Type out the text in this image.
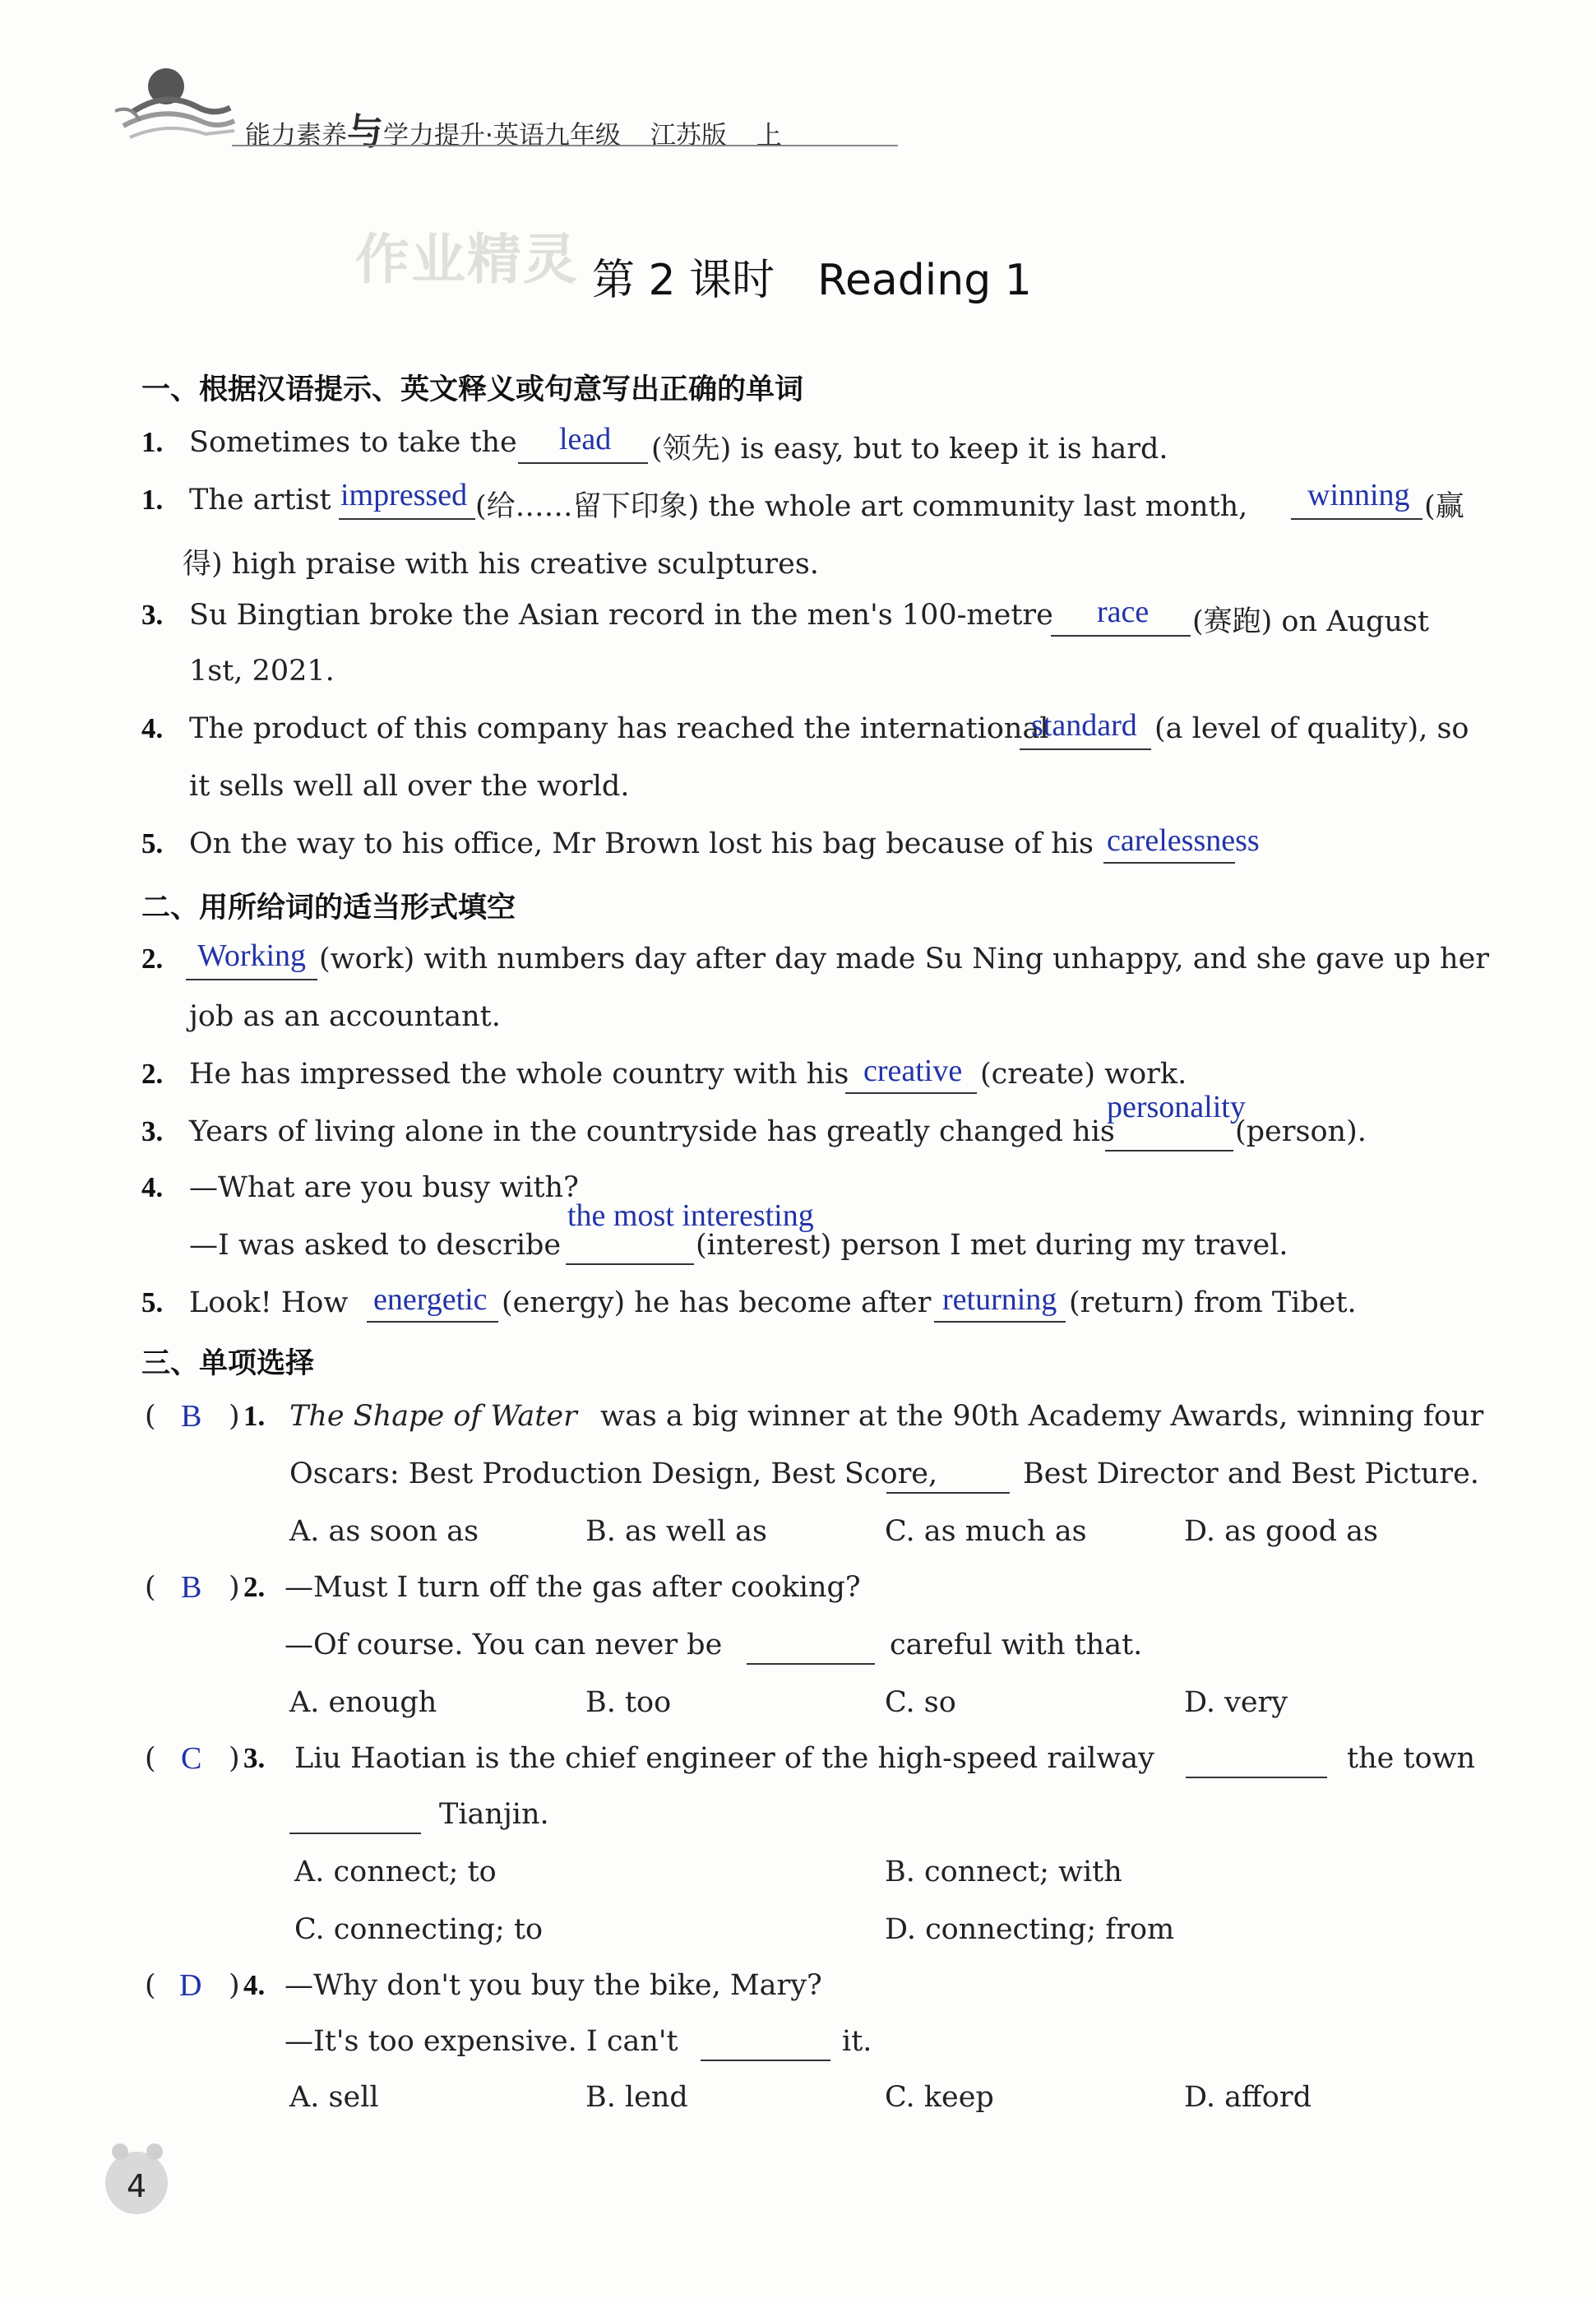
能力素养与学力提升·英语九年级 江苏版 上
作业精灵 第 2 课时　Reading 1
一、根据汉语提示、英文释义或句意写出正确的单词
1. Sometimes to take the lead (领先) is easy, but to keep it is hard.
1. The artist impressed (给……留下印象) the whole art community last month, winning (赢
得) high praise with his creative sculptures.
3. Su Bingtian broke the Asian record in the men's 100-metre race (赛跑) on August
1st, 2021.
4. The product of this company has reached the international
standard (a level of quality), so
it sells well all over the world.
5. On the way to his office, Mr Brown lost his bag because of his carelessness
二、用所给词的适当形式填空
2. Working (work) with numbers day after day made Su Ning unhappy, and she gave up her
job as an accountant.
2. He has impressed the whole country with his creative (create) work.
3. Years of living alone in the countryside has greatly changed his
personality
(person).
4. —What are you busy with?
—I was asked to describe
the most interesting
(interest) person I met during my travel.
5. Look! How energetic (energy) he has become after returning (return) from Tibet.
三、单项选择
( B ) 1. The Shape of Water was a big winner at the 90th Academy Awards, winning four
Oscars: Best Production Design, Best Score,	Best Director and Best Picture.
A. as soon as	B. as well as	C. as much as	D. as good as
( B ) 2. —Must I turn off the gas after cooking?
—Of course. You can never be	careful with that.
A. enough	B. too	C. so	D. very
( C ) 3. Liu Haotian is the chief engineer of the high-speed railway	the town
Tianjin.
A. connect; to	B. connect; with
C. connecting; to	D. connecting; from
( D ) 4. —Why don't you buy the bike, Mary?
—It's too expensive. I can't	it.
A. sell	B. lend	C. keep	D. afford
4
